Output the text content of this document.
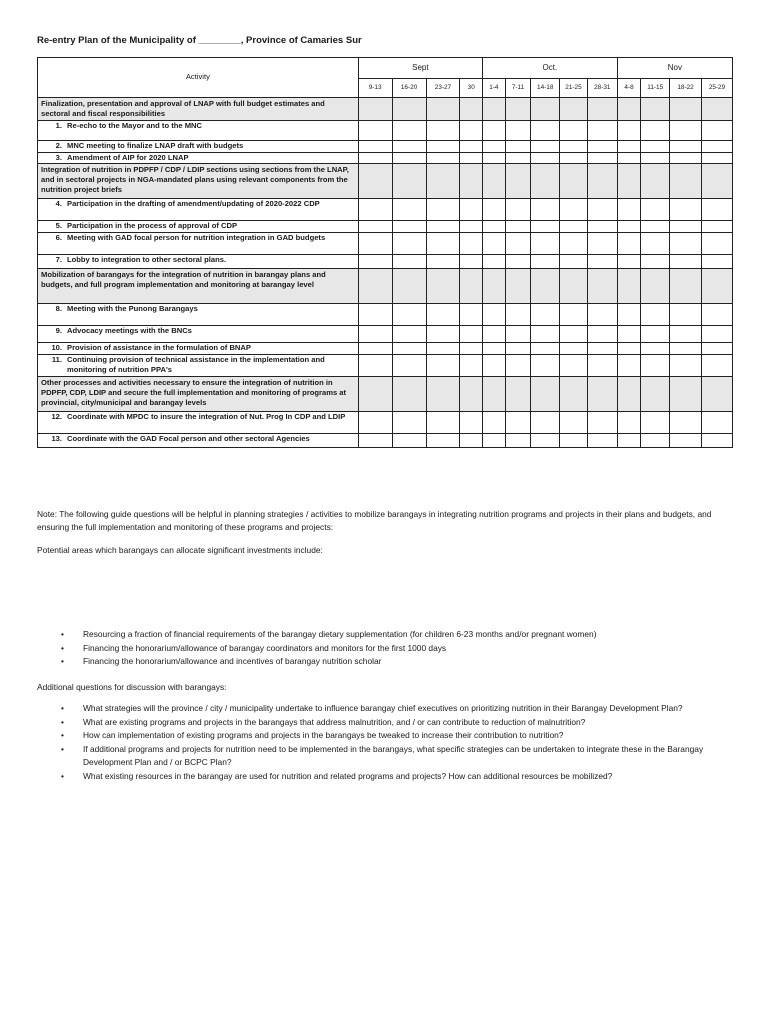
Re-entry Plan of the Municipality of ________, Province of Camaries Sur
Activity	Sept				Oct.					Nov			
	9-13	16-20	23-27	30	1-4	7-11	14-18	21-25	28-31	4-8	11-15	18-22	25-29
Finalization, presentation and approval of LNAP with full budget estimates and sectoral and fiscal responsibilities													

1. Re-echo to the Mayor and to the MNC													

2. MNC meeting to finalize LNAP draft with budgets													

3. Amendment of AIP for 2020 LNAP													

Integration of nutrition in PDPFP / CDP / LDIP sections using sections from the LNAP, and in sectoral projects in NGA-mandated plans using relevant components from the nutrition project briefs													

4. Participation in the drafting of amendment/updating of 2020-2022 CDP													

5. Participation in the process of approval of CDP													

6. Meeting with GAD focal person for nutrition integration in GAD budgets													

7. Lobby to integration to other sectoral plans.													

Mobilization of barangays for the integration of nutrition in barangay plans and budgets, and full program implementation and monitoring at barangay level													

8. Meeting with the Punong Barangays													

9. Advocacy meetings with the BNCs													

10. Provision of assistance in the formulation of BNAP													

11. Continuing provision of technical assistance in the implementation and monitoring of nutrition PPA's													

Other processes and activities necessary to ensure the integration of nutrition in PDPFP, CDP, LDIP and secure the full implementation and monitoring of programs at provincial, city/municipal and barangay levels													

12. Coordinate with MPDC to insure the integration of Nut. Prog In CDP and LDIP													

13. Coordinate with the GAD Focal person and other sectoral Agencies													

Note: The following guide questions will be helpful in planning strategies / activities to mobilize barangays in integrating nutrition programs and projects in their plans and budgets, and ensuring the full implementation and monitoring of these programs and projects:
Potential areas which barangays can allocate significant investments include:
• Resourcing a fraction of financial requirements of the barangay dietary supplementation (for children 6-23 months and/or pregnant women)
• Financing the honorarium/allowance of barangay coordinators and monitors for the first 1000 days
• Financing the honorarium/allowance and incentives of barangay nutrition scholar
Additional questions for discussion with barangays:
• What strategies will the province / city / municipality undertake to influence barangay chief executives on prioritizing nutrition in their Barangay Development Plan?
• What are existing programs and projects in the barangays that address malnutrition, and / or can contribute to reduction of malnutrition?
• How can implementation of existing programs and projects in the barangays be tweaked to increase their contribution to nutrition?
• If additional programs and projects for nutrition need to be implemented in the barangays, what specific strategies can be undertaken to integrate these in the Barangay Development Plan and / or BCPC Plan?
• What existing resources in the barangay are used for nutrition and related programs and projects? How can additional resources be mobilized?
